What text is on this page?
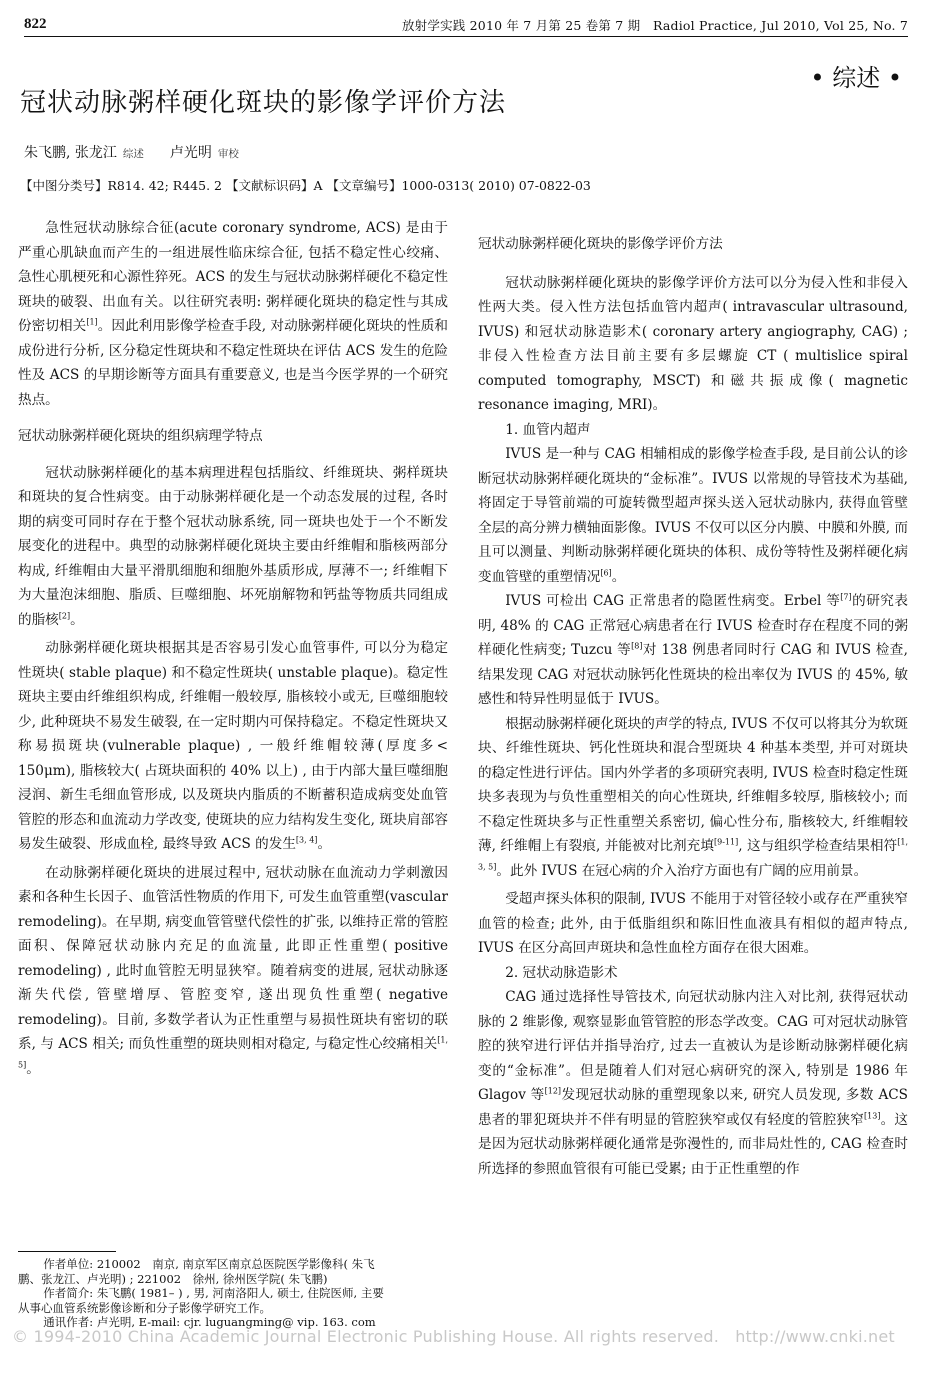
822	放射学实践 2010 年 7 月第 25 卷第 7 期　Radiol Practice, Jul 2010, Vol 25, No. 7
• 综述 •
冠状动脉粥样硬化斑块的影像学评价方法
朱飞鹏, 张龙江 综述 卢光明 审校
【中图分类号】R814. 42; R445. 2 【文献标识码】A 【文章编号】1000-0313( 2010) 07-0822-03

急性冠状动脉综合征(acute coronary syndrome, ACS) 是由于严重心肌缺血而产生的一组进展性临床综合征, 包括不稳定性心绞痛、急性心肌梗死和心源性猝死。ACS 的发生与冠状动脉粥样硬化不稳定性斑块的破裂、出血有关。以往研究表明: 粥样硬化斑块的稳定性与其成份密切相关[1]。因此利用影像学检查手段, 对动脉粥样硬化斑块的性质和成份进行分析, 区分稳定性斑块和不稳定性斑块在评估 ACS 发生的危险性及 ACS 的早期诊断等方面具有重要意义, 也是当今医学界的一个研究热点。

冠状动脉粥样硬化斑块的组织病理学特点

冠状动脉粥样硬化的基本病理进程包括脂纹、纤维斑块、粥样斑块和斑块的复合性病变。由于动脉粥样硬化是一个动态发展的过程, 各时期的病变可同时存在于整个冠状动脉系统, 同一斑块也处于一个不断发展变化的进程中。典型的动脉粥样硬化斑块主要由纤维帽和脂核两部分构成, 纤维帽由大量平滑肌细胞和细胞外基质形成, 厚薄不一; 纤维帽下为大量泡沫细胞、脂质、巨噬细胞、坏死崩解物和钙盐等物质共同组成的脂核[2]。

动脉粥样硬化斑块根据其是否容易引发心血管事件, 可以分为稳定性斑块( stable plaque) 和不稳定性斑块( unstable plaque)。稳定性斑块主要由纤维组织构成, 纤维帽一般较厚, 脂核较小或无, 巨噬细胞较少, 此种斑块不易发生破裂, 在一定时期内可保持稳定。不稳定性斑块又称易损斑块(vulnerable plaque) , 一般纤维帽较薄(厚度多< 150μm), 脂核较大( 占斑块面积的 40% 以上) , 由于内部大量巨噬细胞浸润、新生毛细血管形成, 以及斑块内脂质的不断蓄积造成病变处血管管腔的形态和血流动力学改变, 使斑块的应力结构发生变化, 斑块肩部容易发生破裂、形成血栓, 最终导致 ACS 的发生[3, 4]。

在动脉粥样硬化斑块的进展过程中, 冠状动脉在血流动力学刺激因素和各种生长因子、血管活性物质的作用下, 可发生血管重塑(vascular remodeling)。在早期, 病变血管管壁代偿性的扩张, 以维持正常的管腔面积、保障冠状动脉内充足的血流量, 此即正性重塑( positive remodeling) , 此时血管腔无明显狭窄。随着病变的进展, 冠状动脉逐渐失代偿, 管壁增厚、管腔变窄, 遂出现负性重塑( negative remodeling)。目前, 多数学者认为正性重塑与易损性斑块有密切的联系, 与 ACS 相关; 而负性重塑的斑块则相对稳定, 与稳定性心绞痛相关[1, 5]。

冠状动脉粥样硬化斑块的影像学评价方法

冠状动脉粥样硬化斑块的影像学评价方法可以分为侵入性和非侵入性两大类。侵入性方法包括血管内超声( intravascular ultrasound, IVUS) 和冠状动脉造影术( coronary artery angiography, CAG) ; 非侵入性检查方法目前主要有多层螺旋 CT ( multislice spiral computed tomography, MSCT) 和磁共振成像( magnetic resonance imaging, MRI)。

1. 血管内超声

IVUS 是一种与 CAG 相辅相成的影像学检查手段, 是目前公认的诊断冠状动脉粥样硬化斑块的“金标准”。IVUS 以常规的导管技术为基础, 将固定于导管前端的可旋转微型超声探头送入冠状动脉内, 获得血管壁全层的高分辨力横轴面影像。IVUS 不仅可以区分内膜、中膜和外膜, 而且可以测量、判断动脉粥样硬化斑块的体积、成份等特性及粥样硬化病变血管壁的重塑情况[6]。

IVUS 可检出 CAG 正常患者的隐匿性病变。Erbel 等[7]的研究表明, 48% 的 CAG 正常冠心病患者在行 IVUS 检查时存在程度不同的粥样硬化性病变; Tuzcu 等[8]对 138 例患者同时行 CAG 和 IVUS 检查, 结果发现 CAG 对冠状动脉钙化性斑块的检出率仅为 IVUS 的 45%, 敏感性和特异性明显低于 IVUS。

根据动脉粥样硬化斑块的声学的特点, IVUS 不仅可以将其分为软斑块、纤维性斑块、钙化性斑块和混合型斑块 4 种基本类型, 并可对斑块的稳定性进行评估。国内外学者的多项研究表明, IVUS 检查时稳定性斑块多表现为与负性重塑相关的向心性斑块, 纤维帽多较厚, 脂核较小; 而不稳定性斑块多与正性重塑关系密切, 偏心性分布, 脂核较大, 纤维帽较薄, 纤维帽上有裂痕, 并能被对比剂充填[9-11], 这与组织学检查结果相符[1, 3, 5]。此外 IVUS 在冠心病的介入治疗方面也有广阔的应用前景。

受超声探头体积的限制, IVUS 不能用于对管径较小或存在严重狭窄血管的检查; 此外, 由于低脂组织和陈旧性血液具有相似的超声特点, IVUS 在区分高回声斑块和急性血栓方面存在很大困难。

2. 冠状动脉造影术

CAG 通过选择性导管技术, 向冠状动脉内注入对比剂, 获得冠状动脉的 2 维影像, 观察显影血管管腔的形态学改变。CAG 可对冠状动脉管腔的狭窄进行评估并指导治疗, 过去一直被认为是诊断动脉粥样硬化病变的“金标准”。但是随着人们对冠心病研究的深入, 特别是 1986 年 Glagov 等[12]发现冠状动脉的重塑现象以来, 研究人员发现, 多数 ACS 患者的罪犯斑块并不伴有明显的管腔狭窄或仅有轻度的管腔狭窄[13]。这是因为冠状动脉粥样硬化通常是弥漫性的, 而非局灶性的, CAG 检查时所选择的参照血管很有可能已受累; 由于正性重塑的作

作者单位: 210002　南京, 南京军区南京总医院医学影像科( 朱飞
鹏、张龙江、卢光明) ; 221002　徐州, 徐州医学院( 朱飞鹏)
作者简介: 朱飞鹏( 1981– ) , 男, 河南洛阳人, 硕士, 住院医师, 主要
从事心血管系统影像诊断和分子影像学研究工作。
通讯作者: 卢光明, E-mail: cjr. luguangming@ vip. 163. com
© 1994-2010 China Academic Journal Electronic Publishing House. All rights reserved.　http://www.cnki.net
